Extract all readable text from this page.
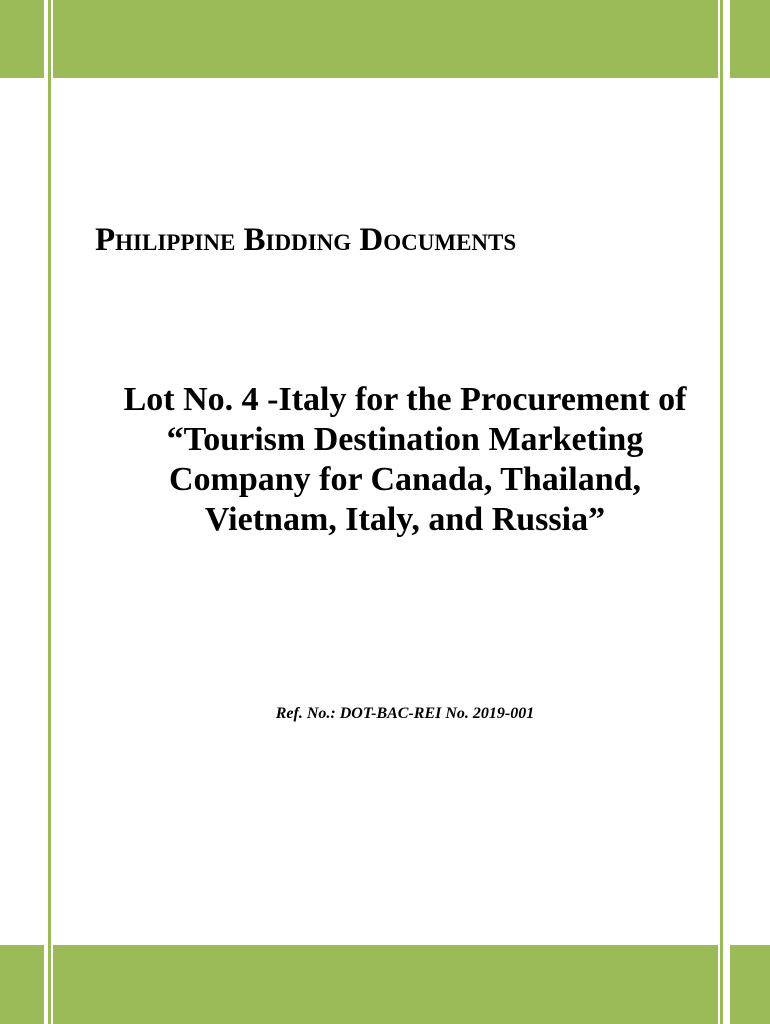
Philippine Bidding Documents
Lot No. 4 -Italy for the Procurement of
“Tourism Destination Marketing
Company for Canada, Thailand,
Vietnam, Italy, and Russia”
Ref. No.: DOT-BAC-REI No. 2019-001
